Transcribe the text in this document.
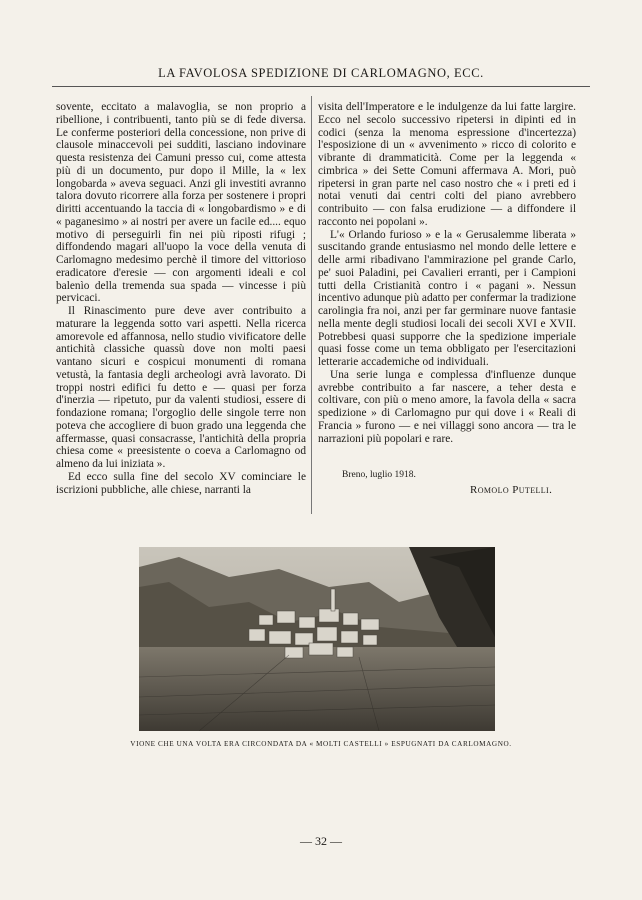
LA FAVOLOSA SPEDIZIONE DI CARLOMAGNO, ECC.

sovente, eccitato a malavoglia, se non proprio a ribellione, i contribuenti, tanto più se di fede diversa. Le conferme posteriori della concessione, non prive di clausole minaccevoli pei sudditi, lasciano indovinare questa resistenza dei Camuni presso cui, come attesta più di un documento, pur dopo il Mille, la « lex longobarda » aveva seguaci. Anzi gli investiti avranno talora dovuto ricorrere alla forza per sostenere i propri diritti accentuando la taccia di « longobardismo » e di « paganesimo » ai nostri per avere un facile ed.... equo motivo di perseguirli fin nei più riposti rifugi ; diffondendo magari all'uopo la voce della venuta di Carlomagno medesimo perchè il timore del vittorioso eradicatore d'eresie — con argomenti ideali e col balenìo della tremenda sua spada — vincesse i più pervicaci.

Il Rinascimento pure deve aver contribuito a maturare la leggenda sotto vari aspetti. Nella ricerca amorevole ed affannosa, nello studio vivificatore delle antichità classiche quassù dove non molti paesi vantano sicuri e cospicui monumenti di romana vetustà, la fantasia degli archeologi avrà lavorato. Di troppi nostri edifici fu detto e — quasi per forza d'inerzia — ripetuto, pur da valenti studiosi, essere di fondazione romana; l'orgoglio delle singole terre non poteva che accogliere di buon grado una leggenda che affermasse, quasi consacrasse, l'antichità della propria chiesa come « preesistente o coeva a Carlomagno od almeno da lui iniziata ».

Ed ecco sulla fine del secolo XV cominciare le iscrizioni pubbliche, alle chiese, narranti la

visita dell'Imperatore e le indulgenze da lui fatte largire. Ecco nel secolo successivo ripetersi in dipinti ed in codici (senza la menoma espressione d'incertezza) l'esposizione di un « avvenimento » ricco di colorito e vibrante di drammaticità. Come per la leggenda « cimbrica » dei Sette Comuni affermava A. Mori, può ripetersi in gran parte nel caso nostro che « i preti ed i notai venuti dai centri colti del piano avrebbero contribuito — con falsa erudizione — a diffondere il racconto nei popolani ».

L'« Orlando furioso » e la « Gerusalemme liberata » suscitando grande entusiasmo nel mondo delle lettere e delle armi ribadivano l'ammirazione pel grande Carlo, pe' suoi Paladini, pei Cavalieri erranti, per i Campioni tutti della Cristianità contro i « pagani ». Nessun incentivo adunque più adatto per confermar la tradizione carolingia fra noi, anzi per far germinare nuove fantasie nella mente degli studiosi locali dei secoli XVI e XVII. Potrebbesi quasi supporre che la spedizione imperiale quasi fosse come un tema obbligato per l'esercitazioni letterarie accademiche od individuali.

Una serie lunga e complessa d'influenze dunque avrebbe contribuito a far nascere, a teher desta e coltivare, con più o meno amore, la favola della « sacra spedizione » di Carlomagno pur qui dove i « Reali di Francia » furono — e nei villaggi sono ancora — tra le narrazioni più popolari e rare.

Breno, luglio 1918.
Romolo Putelli.
VIONE CHE UNA VOLTA ERA CIRCONDATA DA « MOLTI CASTELLI » ESPUGNATI DA CARLOMAGNO.
— 32 —
